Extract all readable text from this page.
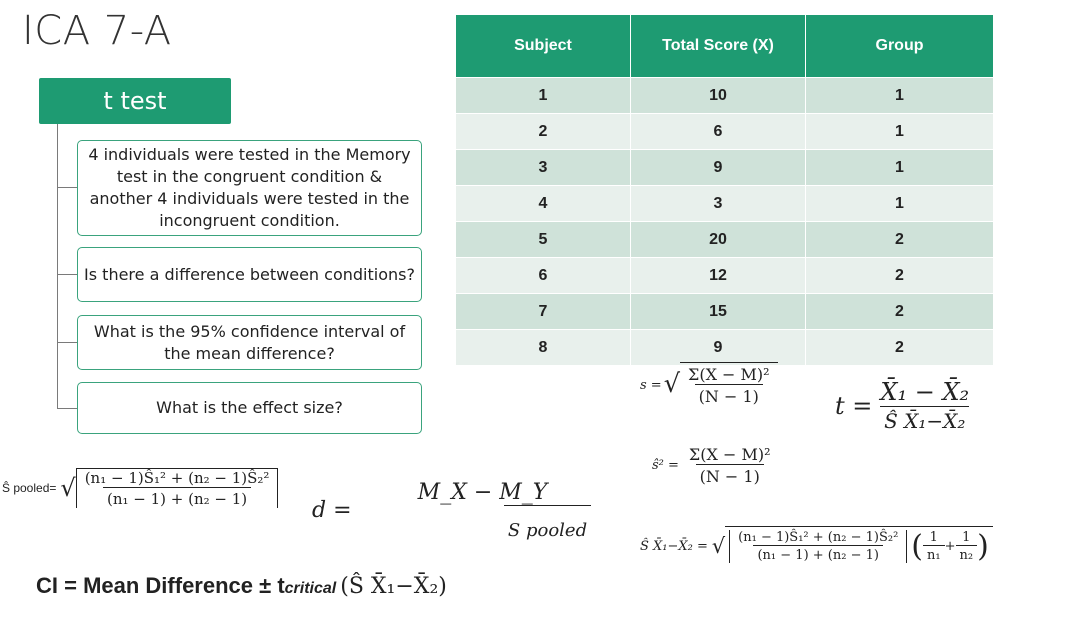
ICA 7-A
t test
4 individuals were tested in the Memory test in the congruent condition & another 4 individuals were tested in the incongruent condition.
Is there a difference between conditions?
What is the 95% confidence interval of the mean difference?
What is the effect size?
Subject	Total Score (X)	Group
1	10	1
2	6	1
3	9	1
4	3	1
5	20	2
6	12	2
7	15	2
8	9	2
Ŝ pooled= √ $\frac{\text{(n₁ − 1)Ŝ₁² + (n₂ − 1)Ŝ₂²}}{\text{(n₁ − 1) + (n₂ − 1)}}$
$d = \frac{M\_X - M\_Y}{\text{S pooled}}$
CI = Mean Difference ± t critical (Ŝ X̄₁−X̄₂)
s = √ $\frac{\text{Σ(X − M)²}}{(N - 1)}$
ŝ² = $\frac{\text{Σ(X − M)²}}{(N - 1)}$
$t = \frac{\text{X̄₁ − X̄₂}}{\text{Ŝ X̄₁−X̄₂}}$
Ŝ X̄₁−X̄₂ = √ $\frac{\text{(n₁ − 1)Ŝ₁² + (n₂ − 1)Ŝ₂²}}{\text{(n₁ − 1) + (n₂ − 1)}}$ ( $\frac{1}{\text{n₁}} + \frac{1}{\text{n₂}}$ )
